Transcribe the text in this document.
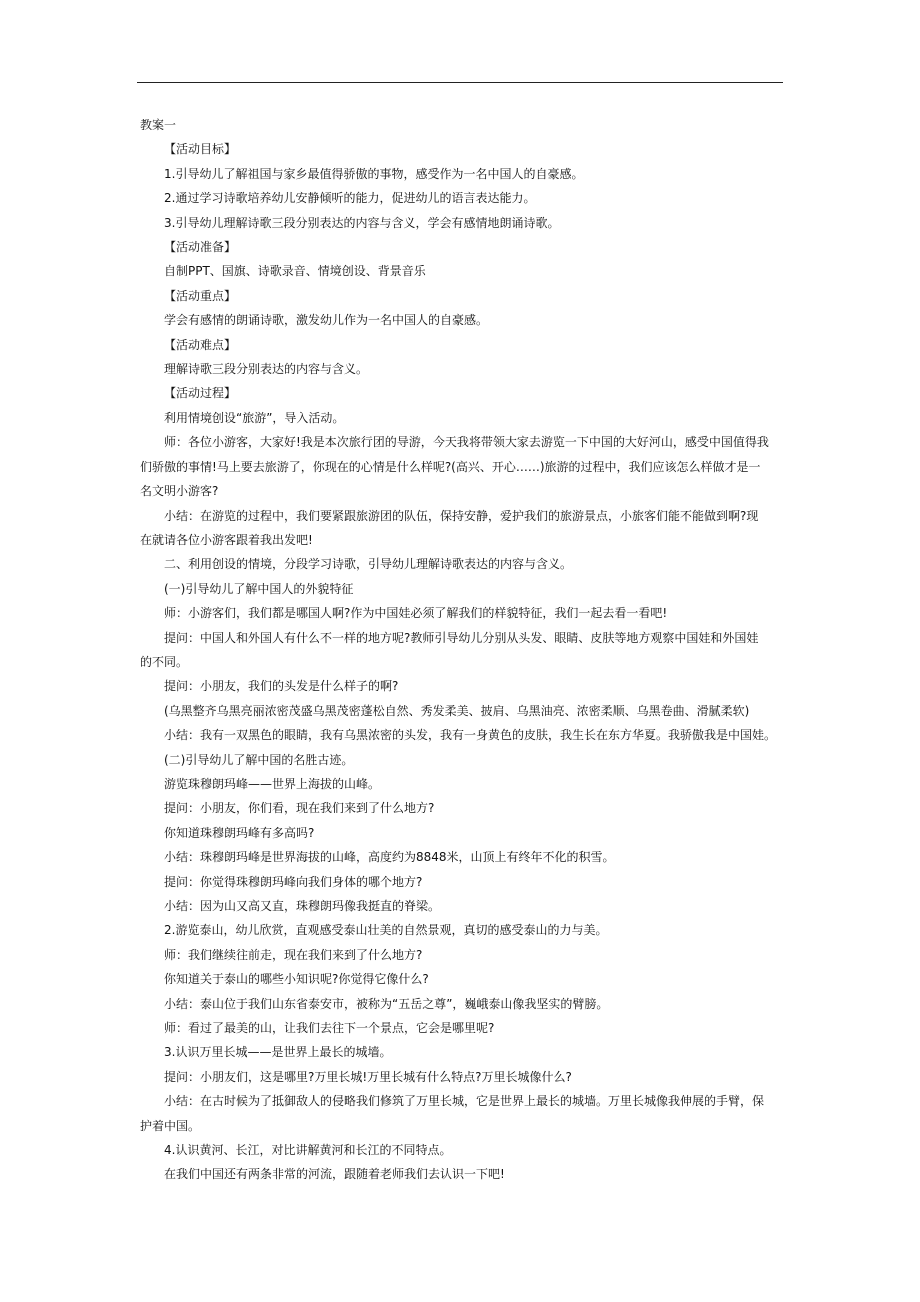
教案一

【活动目标】

1.引导幼儿了解祖国与家乡最值得骄傲的事物，感受作为一名中国人的自豪感。

2.通过学习诗歌培养幼儿安静倾听的能力，促进幼儿的语言表达能力。

3.引导幼儿理解诗歌三段分别表达的内容与含义，学会有感情地朗诵诗歌。

【活动准备】

自制PPT、国旗、诗歌录音、情境创设、背景音乐

【活动重点】

学会有感情的朗诵诗歌，激发幼儿作为一名中国人的自豪感。

【活动难点】

理解诗歌三段分别表达的内容与含义。

【活动过程】

利用情境创设“旅游”，导入活动。

师：各位小游客，大家好!我是本次旅行团的导游，今天我将带领大家去游览一下中国的大好河山，感受中国值得我
们骄傲的事情!马上要去旅游了，你现在的心情是什么样呢?(高兴、开心……)旅游的过程中，我们应该怎么样做才是一
名文明小游客?
小结：在游览的过程中，我们要紧跟旅游团的队伍，保持安静，爱护我们的旅游景点，小旅客们能不能做到啊?现
在就请各位小游客跟着我出发吧!

二、利用创设的情境，分段学习诗歌，引导幼儿理解诗歌表达的内容与含义。

(一)引导幼儿了解中国人的外貌特征

师：小游客们，我们都是哪国人啊?作为中国娃必须了解我们的样貌特征，我们一起去看一看吧!

提问：中国人和外国人有什么不一样的地方呢?教师引导幼儿分别从头发、眼睛、皮肤等地方观察中国娃和外国娃
的不同。

提问：小朋友，我们的头发是什么样子的啊?

(乌黑整齐乌黑亮丽浓密茂盛乌黑茂密蓬松自然、秀发柔美、披肩、乌黑油亮、浓密柔顺、乌黑卷曲、滑腻柔软)

小结：我有一双黑色的眼睛，我有乌黑浓密的头发，我有一身黄色的皮肤，我生长在东方华夏。我骄傲我是中国娃。

(二)引导幼儿了解中国的名胜古迹。

游览珠穆朗玛峰——世界上海拔的山峰。

提问：小朋友，你们看，现在我们来到了什么地方?

你知道珠穆朗玛峰有多高吗?

小结：珠穆朗玛峰是世界海拔的山峰，高度约为8848米，山顶上有终年不化的积雪。

提问：你觉得珠穆朗玛峰向我们身体的哪个地方?

小结：因为山又高又直，珠穆朗玛像我挺直的脊梁。

2.游览泰山，幼儿欣赏，直观感受泰山壮美的自然景观，真切的感受泰山的力与美。

师：我们继续往前走，现在我们来到了什么地方?

你知道关于泰山的哪些小知识呢?你觉得它像什么?

小结：泰山位于我们山东省泰安市，被称为“五岳之尊”，巍峨泰山像我坚实的臂膀。

师：看过了最美的山，让我们去往下一个景点，它会是哪里呢?

3.认识万里长城——是世界上最长的城墙。

提问：小朋友们，这是哪里?万里长城!万里长城有什么特点?万里长城像什么?

小结：在古时候为了抵御敌人的侵略我们修筑了万里长城，它是世界上最长的城墙。万里长城像我伸展的手臂，保
护着中国。

4.认识黄河、长江，对比讲解黄河和长江的不同特点。

在我们中国还有两条非常的河流，跟随着老师我们去认识一下吧!
